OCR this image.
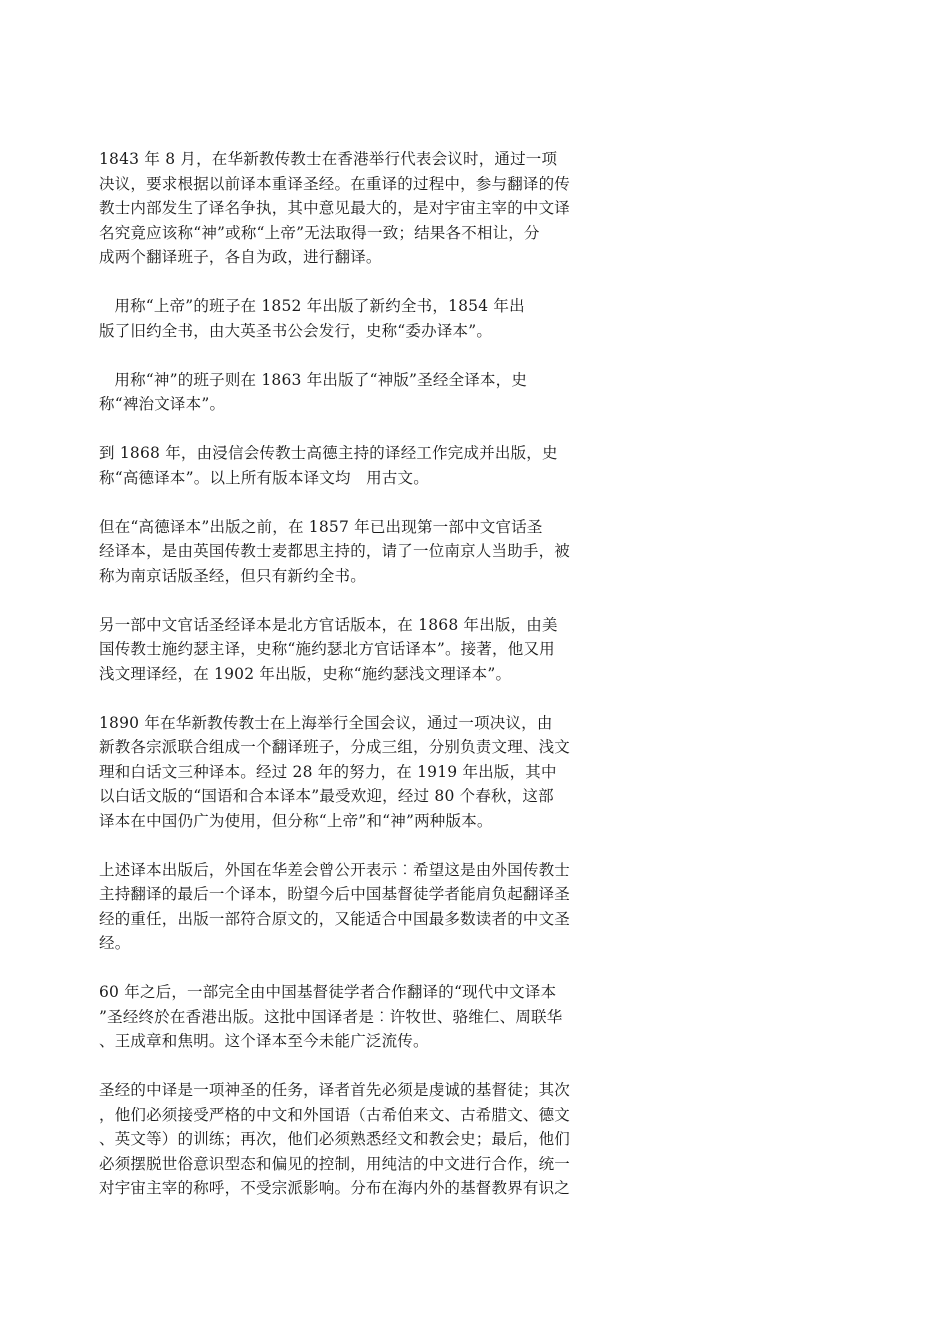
1843 年 8 月，在华新教传教士在香港举行代表会议时，通过一项
决议，要求根据以前译本重译圣经。在重译的过程中，参与翻译的传
教士内部发生了译名争执，其中意见最大的，是对宇宙主宰的中文译
名究竟应该称“神”或称“上帝”无法取得一致；结果各不相让，分
成两个翻译班子，各自为政，进行翻译。
用称“上帝”的班子在 1852 年出版了新约全书，1854 年出
版了旧约全书，由大英圣书公会发行，史称“委办译本”。
用称“神”的班子则在 1863 年出版了“神版”圣经全译本，史
称“裨治文译本”。
到 1868 年，由浸信会传教士高德主持的译经工作完成并出版，史
称“高德译本”。以上所有版本译文均   用古文。
但在“高德译本”出版之前，在 1857 年已出现第一部中文官话圣
经译本，是由英国传教士麦都思主持的，请了一位南京人当助手，被
称为南京话版圣经，但只有新约全书。
另一部中文官话圣经译本是北方官话版本，在 1868 年出版，由美
国传教士施约瑟主译，史称“施约瑟北方官话译本”。接著，他又用
浅文理译经，在 1902 年出版，史称“施约瑟浅文理译本”。
1890 年在华新教传教士在上海举行全国会议，通过一项决议，由
新教各宗派联合组成一个翻译班子，分成三组，分别负责文理、浅文
理和白话文三种译本。经过 28 年的努力，在 1919 年出版，其中
以白话文版的“国语和合本译本”最受欢迎，经过 80 个春秋，这部
译本在中国仍广为使用，但分称“上帝”和“神”两种版本。
上述译本出版后，外国在华差会曾公开表示︰希望这是由外国传教士
主持翻译的最后一个译本，盼望今后中国基督徒学者能肩负起翻译圣
经的重任，出版一部符合原文的，又能适合中国最多数读者的中文圣
经。
60 年之后，一部完全由中国基督徒学者合作翻译的“现代中文译本
”圣经终於在香港出版。这批中国译者是︰许牧世、骆维仁、周联华
、王成章和焦明。这个译本至今未能广泛流传。
圣经的中译是一项神圣的任务，译者首先必须是虔诚的基督徒；其次
，他们必须接受严格的中文和外国语（古希伯来文、古希腊文、德文
、英文等）的训练；再次，他们必须熟悉经文和教会史；最后，他们
必须摆脱世俗意识型态和偏见的控制，用纯洁的中文进行合作，统一
对宇宙主宰的称呼，不受宗派影响。分布在海内外的基督教界有识之
